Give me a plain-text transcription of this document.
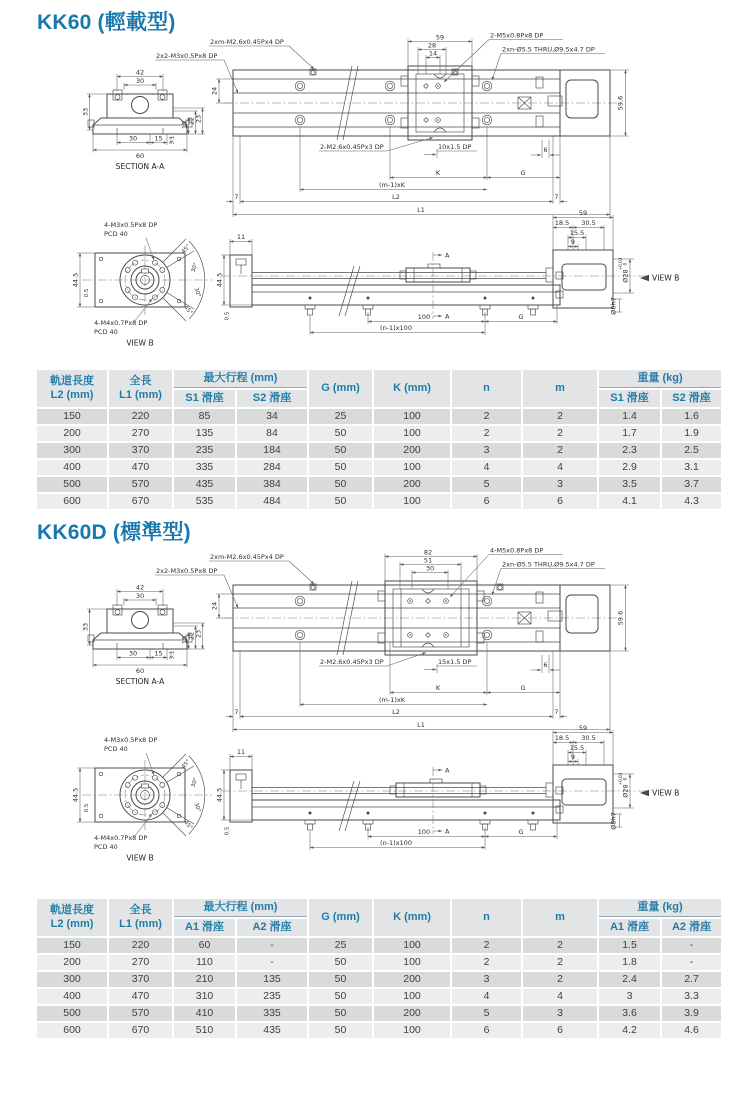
KK60 (輕載型)
42
30
23
22
15
33
30	15 3.1
60
SECTION A-A
45°
30°
30°
45°
4-M3x0.5Px8 DP
PCD 40
4-M4x0.7Px8 DP
PCD 40
44.5
0.5
VIEW B
59
28
14
2-M5x0.8Px8 DP
2xn-Ø5.5 THRU,Ø9.5x4.7 DP
2xm-M2.6x0.45Px4 DP
2x2-M3x0.5Px8 DP
24
59.6
2-M2.6x0.45Px3 DP	10x1.5 DP	6
K	G
(m-1)xK
7	L2	7
L1
11
A
A
100	G
(n-1)x100
44.5
0.5
59
18.5 30.5
15.5
9
VIEW B
Ø28
+0.03 0
Ø6h7
軌道長度
L2 (mm)

全長
L1 (mm)
	最大行程 (mm)	G (mm)	K (mm)	n	m	重量 (kg)
		S1 滑座	S2 滑座					S1 滑座	S2 滑座
150	220	85	34	25	100	2	2	1.4	1.6
200	270	135	84	50	100	2	2	1.7	1.9
300	370	235	184	50	200	3	2	2.3	2.5
400	470	335	284	50	100	4	4	2.9	3.1
500	570	435	384	50	200	5	3	3.5	3.7
600	670	535	484	50	100	6	6	4.1	4.3
KK60D (標準型)
42
30
23
22
15
33
30	15 3.1
60
SECTION A-A
45°
30°
30°
45°
4-M3x0.5Px8 DP
PCD 40
4-M4x0.7Px8 DP
PCD 40
44.5
0.5
VIEW B
82
51
30
4-M5x0.8Px8 DP
2xn-Ø5.5 THRU,Ø9.5x4.7 DP
2xm-M2.6x0.45Px4 DP
2x2-M3x0.5Px8 DP
24
59.6
2-M2.6x0.45Px3 DP	15x1.5 DP	6
K	G
(m-1)xK
7	L2	7
L1
11
A
A
100	G
(n-1)x100
44.5
0.5
59
18.5 30.5
15.5
9
VIEW B
Ø28
+0.03 0
Ø8h7
軌道長度
L2 (mm)

全長
L1 (mm)
	最大行程 (mm)	G (mm)	K (mm)	n	m	重量 (kg)
		A1 滑座	A2 滑座					A1 滑座	A2 滑座
150	220	60	-	25	100	2	2	1.5	-
200	270	110	-	50	100	2	2	1.8	-
300	370	210	135	50	200	3	2	2.4	2.7
400	470	310	235	50	100	4	4	3	3.3
500	570	410	335	50	200	5	3	3.6	3.9
600	670	510	435	50	100	6	6	4.2	4.6
